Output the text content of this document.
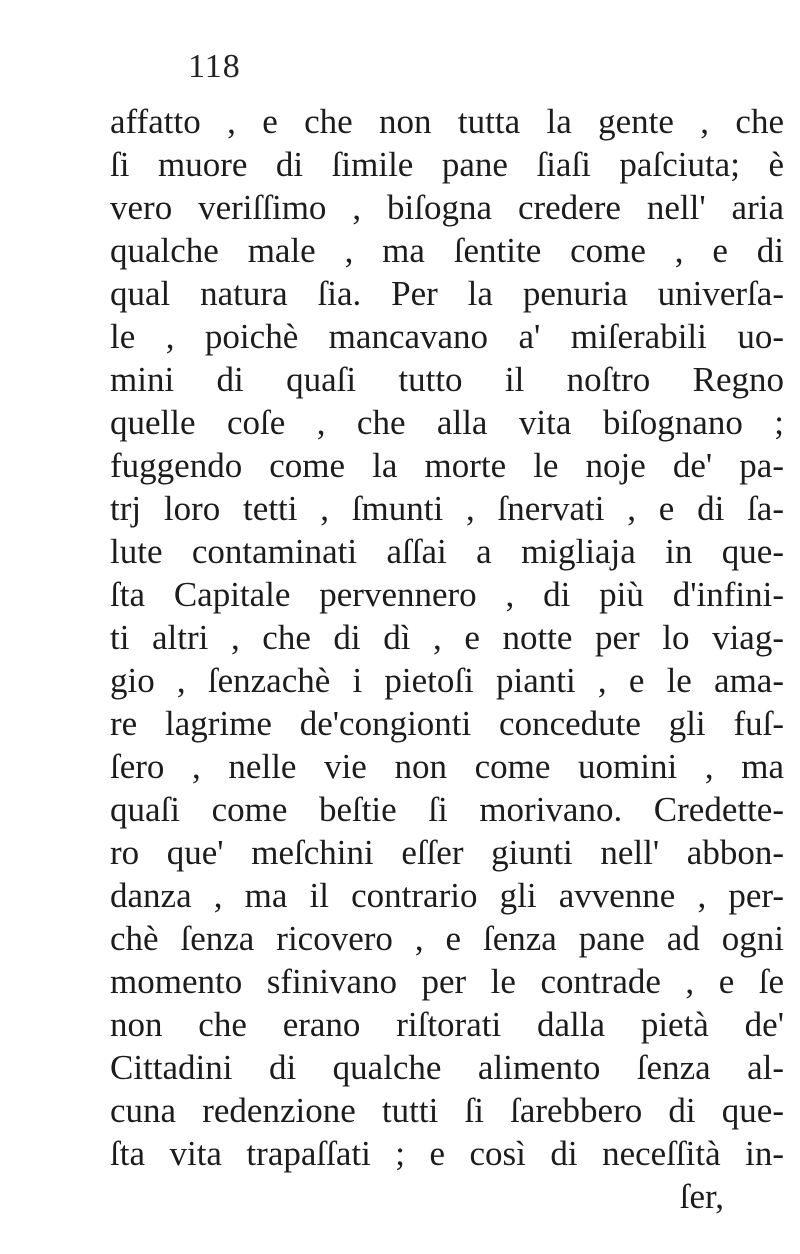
118
affatto , e che non tutta la gente , che
ſi muore di ſimile pane ſiaſi paſciuta; è
vero veriſſimo , biſogna credere nell' aria
qualche male , ma ſentite come , e di
qual natura ſia. Per la penuria univerſa-
le , poichè mancavano a' miſerabili uo-
mini di quaſi tutto il noſtro Regno
quelle coſe , che alla vita biſognano ;
fuggendo come la morte le noje de' pa-
trj loro tetti , ſmunti , ſnervati , e di ſa-
lute contaminati aſſai a migliaja in que-
ſta Capitale pervennero , di più d'infini-
ti altri , che di dì , e notte per lo viag-
gio , ſenzachè i pietoſi pianti , e le ama-
re lagrime de'congionti concedute gli fuſ-
ſero , nelle vie non come uomini , ma
quaſi come beſtie ſi morivano. Credette-
ro que' meſchini eſſer giunti nell' abbon-
danza , ma il contrario gli avvenne , per-
chè ſenza ricovero , e ſenza pane ad ogni
momento sfinivano per le contrade , e ſe
non che erano riſtorati dalla pietà de'
Cittadini di qualche alimento ſenza al-
cuna redenzione tutti ſi ſarebbero di que-
ſta vita trapaſſati ; e così di neceſſità in-
ſer,
